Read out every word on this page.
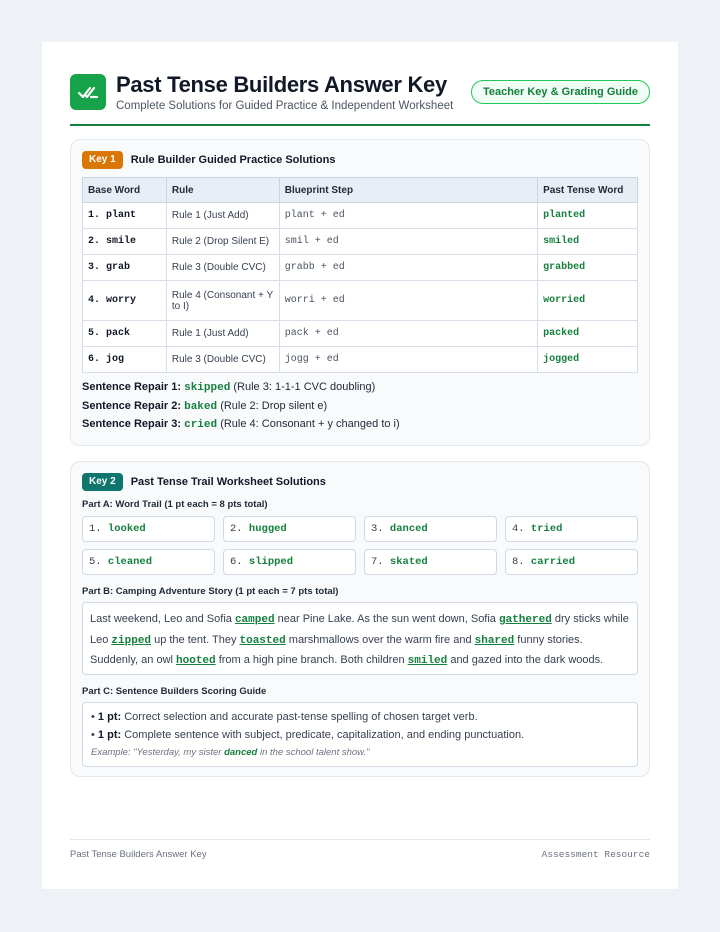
Past Tense Builders Answer Key
Complete Solutions for Guided Practice & Independent Worksheet
Teacher Key & Grading Guide
Key 1	Rule Builder Guided Practice Solutions
Base Word	Rule	Blueprint Step	Past Tense Word
1. plant	Rule 1 (Just Add)	plant + ed	planted
2. smile	Rule 2 (Drop Silent E)	smil + ed	smiled
3. grab	Rule 3 (Double CVC)	grabb + ed	grabbed
4. worry	Rule 4 (Consonant + Y to I)	worri + ed	worried
5. pack	Rule 1 (Just Add)	pack + ed	packed
6. jog	Rule 3 (Double CVC)	jogg + ed	jogged
Sentence Repair 1: skipped (Rule 3: 1-1-1 CVC doubling)
Sentence Repair 2: baked (Rule 2: Drop silent e)
Sentence Repair 3: cried (Rule 4: Consonant + y changed to i)
Key 2	Past Tense Trail Worksheet Solutions
Part A: Word Trail (1 pt each = 8 pts total)
1. looked	2. hugged	3. danced	4. tried
5. cleaned	6. slipped	7. skated	8. carried
Part B: Camping Adventure Story (1 pt each = 7 pts total)
Last weekend, Leo and Sofia camped near Pine Lake. As the sun went down, Sofia gathered dry sticks while Leo zipped up the tent. They toasted marshmallows over the warm fire and shared funny stories. Suddenly, an owl hooted from a high pine branch. Both children smiled and gazed into the dark woods.
Part C: Sentence Builders Scoring Guide
• 1 pt: Correct selection and accurate past-tense spelling of chosen target verb.
• 1 pt: Complete sentence with subject, predicate, capitalization, and ending punctuation.
Example: "Yesterday, my sister danced in the school talent show."
Past Tense Builders Answer Key	Assessment Resource
